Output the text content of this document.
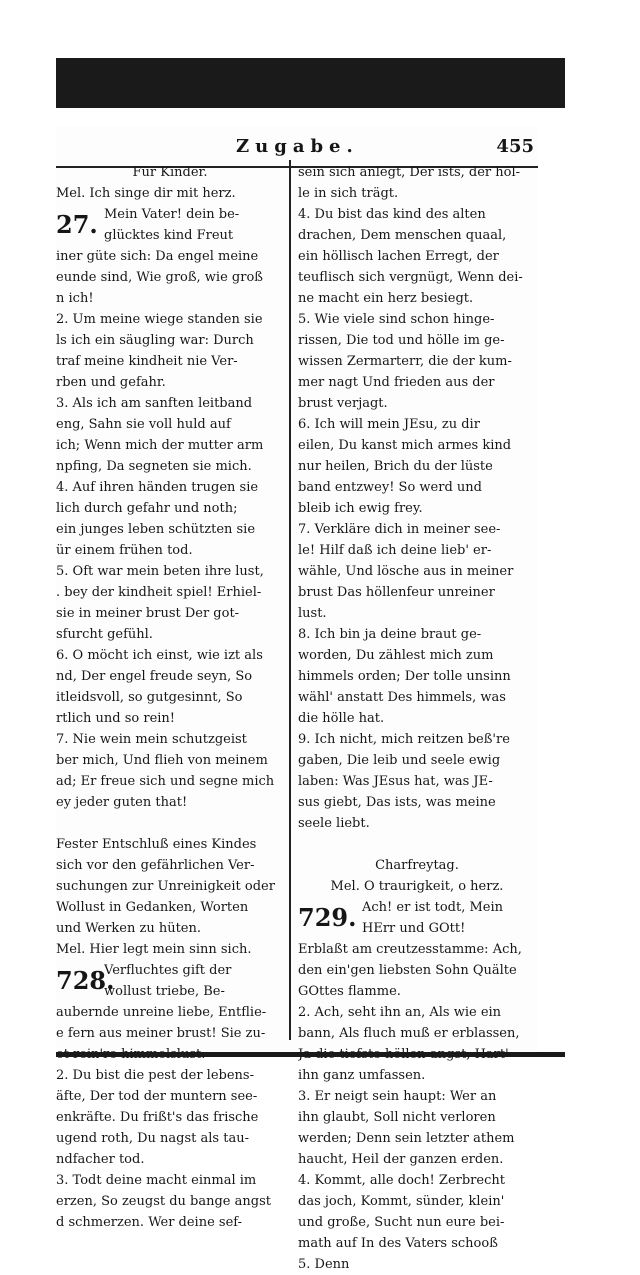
Zugabe.	455
Für Kinder.
Mel. Ich singe dir mit herz.
27. Mein Vater! dein be-
glücktes kind Freut
iner güte sich: Da engel meine
eunde sind, Wie groß, wie groß
n ich!
2. Um meine wiege standen sie
ls ich ein säugling war: Durch
traf meine kindheit nie Ver-
rben und gefahr.
3. Als ich am sanften leitband
eng, Sahn sie voll huld auf
ich; Wenn mich der mutter arm
npfing, Da segneten sie mich.
4. Auf ihren händen trugen sie
lich durch gefahr und noth;
ein junges leben schützten sie
ür einem frühen tod.
5. Oft war mein beten ihre lust,
. bey der kindheit spiel! Erhiel-
sie in meiner brust Der got-
sfurcht gefühl.
6. O möcht ich einst, wie izt als
nd, Der engel freude seyn, So
itleidsvoll, so gutgesinnt, So
rtlich und so rein!
7. Nie wein mein schutzgeist
ber mich, Und flieh von meinem
ad; Er freue sich und segne mich
ey jeder guten that!
Fester Entschluß eines Kindes
sich vor den gefährlichen Ver-
suchungen zur Unreinigkeit oder
Wollust in Gedanken, Worten
und Werken zu hüten.
Mel. Hier legt mein sinn sich.
728.
Verfluchtes gift der
wollust triebe, Be-
aubernde unreine liebe, Entflie-
e fern aus meiner brust! Sie zu-
2. Du bist die pest der lebens-
äfte, Der tod der muntern see-
enkräfte. Du frißt's das frische
ugend roth, Du nagst als tau-
ndfacher tod.
3. Todt deine macht einmal im
erzen, So zeugst du bange angst
d schmerzen. Wer deine sef-
sein sich anlegt, Der ists, der höl-
le in sich trägt.
4. Du bist das kind des alten
drachen, Dem menschen quaal,
ein höllisch lachen Erregt, der
teuflisch sich vergnügt, Wenn dei-
ne macht ein herz besiegt.
5. Wie viele sind schon hinge-
rissen, Die tod und hölle im ge-
wissen Zermarterr, die der kum-
mer nagt Und frieden aus der
brust verjagt.
6. Ich will mein JEsu, zu dir
eilen, Du kanst mich armes kind
nur heilen, Brich du der lüste
band entzwey! So werd und
bleib ich ewig frey.
7. Verkläre dich in meiner see-
le! Hilf daß ich deine lieb' er-
wähle, Und lösche aus in meiner
brust Das höllenfeur unreiner
lust.
8. Ich bin ja deine braut ge-
worden, Du zählest mich zum
himmels orden; Der tolle unsinn
wähl' anstatt Des himmels, was
die hölle hat.
9. Ich nicht, mich reitzen beß're
gaben, Die leib und seele ewig
laben: Was JEsus hat, was JE-
sus giebt, Das ists, was meine
seele liebt.
Charfreytag.
Mel. O traurigkeit, o herz.
729. Ach! er ist todt, Mein
HErr und GOtt!
Erblaßt am creutzesstamme: Ach,
den ein'gen liebsten Sohn Quälte
GOttes flamme.
2. Ach, seht ihn an, Als wie ein
bann, Als fluch muß er erblassen,
ihn ganz umfassen.
3. Er neigt sein haupt: Wer an
ihn glaubt, Soll nicht verloren
werden; Denn sein letzter athem
haucht, Heil der ganzen erden.
4. Kommt, alle doch! Zerbrecht
das joch, Kommt, sünder, klein'
und große, Sucht nun eure bei-
math auf In des Vaters schooß
5. Denn
